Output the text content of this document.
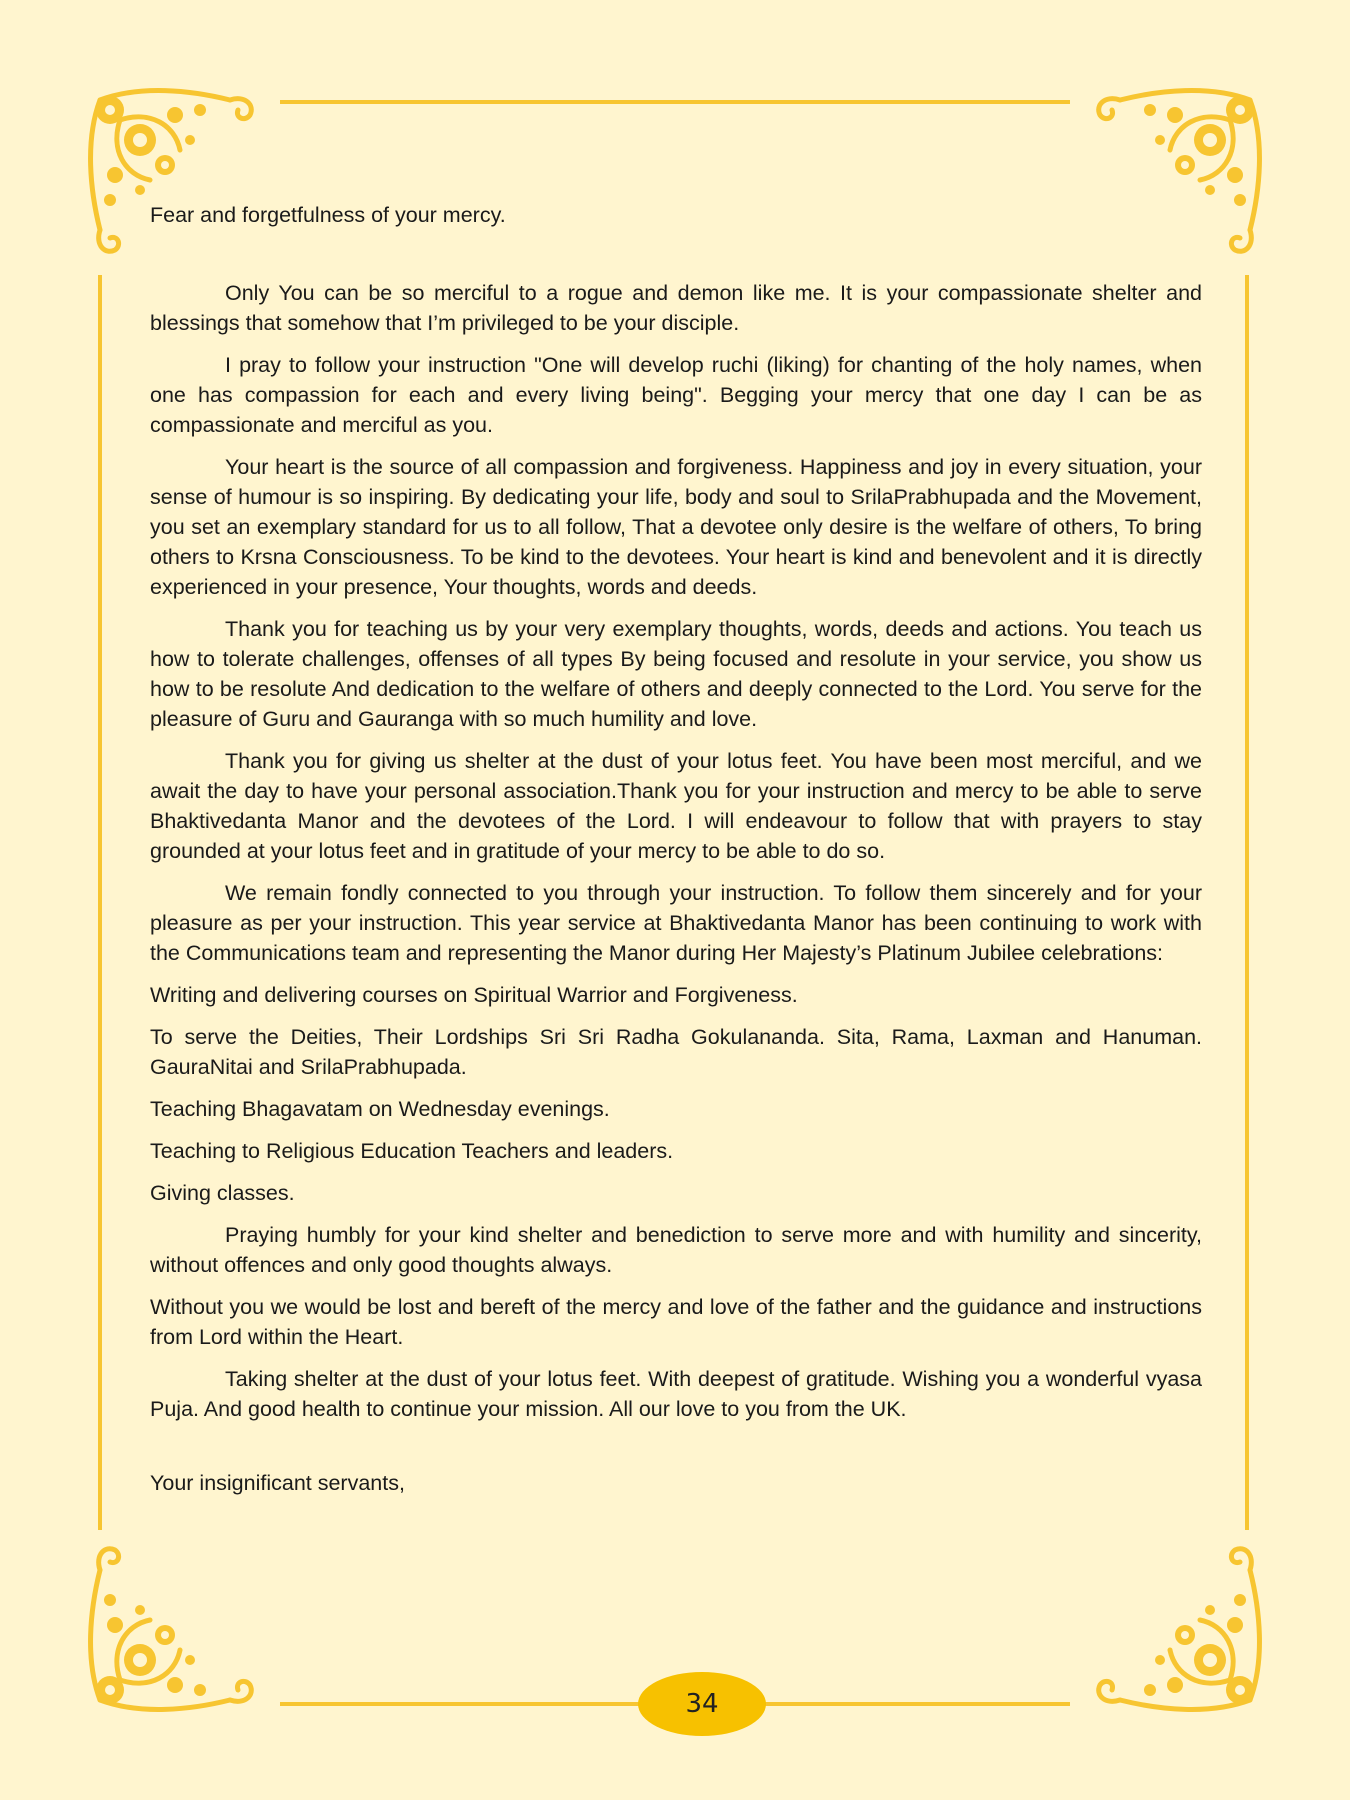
Fear and forgetfulness of your mercy.

Only You can be so merciful to a rogue and demon like me. It is your compassionate shelter and blessings that somehow that I’m privileged to be your disciple.

I pray to follow your instruction "One will develop ruchi (liking) for chanting of the holy names, when one has compassion for each and every living being". Begging your mercy that one day I can be as compassionate and merciful as you.

Your heart is the source of all compassion and forgiveness. Happiness and joy in every situation, your sense of humour is so inspiring. By dedicating your life, body and soul to SrilaPrabhupada and the Movement, you set an exemplary standard for us to all follow, That a devotee only desire is the welfare of others, To bring others to Krsna Consciousness. To be kind to the devotees. Your heart is kind and benevolent and it is directly experienced in your presence, Your thoughts, words and deeds.

Thank you for teaching us by your very exemplary thoughts, words, deeds and actions. You teach us how to tolerate challenges, offenses of all types By being focused and resolute in your service, you show us how to be resolute And dedication to the welfare of others and deeply connected to the Lord. You serve for the pleasure of Guru and Gauranga with so much humility and love.

Thank you for giving us shelter at the dust of your lotus feet. You have been most merciful, and we await the day to have your personal association.Thank you for your instruction and mercy to be able to serve Bhaktivedanta Manor and the devotees of the Lord. I will endeavour to follow that with prayers to stay grounded at your lotus feet and in gratitude of your mercy to be able to do so.

We remain fondly connected to you through your instruction. To follow them sincerely and for your pleasure as per your instruction. This year service at Bhaktivedanta Manor has been continuing to work with the Communications team and representing the Manor during Her Majesty’s Platinum Jubilee celebrations:

Writing and delivering courses on Spiritual Warrior and Forgiveness.

To serve the Deities, Their Lordships Sri Sri Radha Gokulananda. Sita, Rama, Laxman and Hanuman. GauraNitai and SrilaPrabhupada.

Teaching Bhagavatam on Wednesday evenings.

Teaching to Religious Education Teachers and leaders.

Giving classes.

Praying humbly for your kind shelter and benediction to serve more and with humility and sincerity, without offences and only good thoughts always.

Without you we would be lost and bereft of the mercy and love of the father and the guidance and instructions from Lord within the Heart.

Taking shelter at the dust of your lotus feet. With deepest of gratitude. Wishing you a wonderful vyasa Puja. And good health to continue your mission. All our love to you from the UK.

Your insignificant servants,

34
